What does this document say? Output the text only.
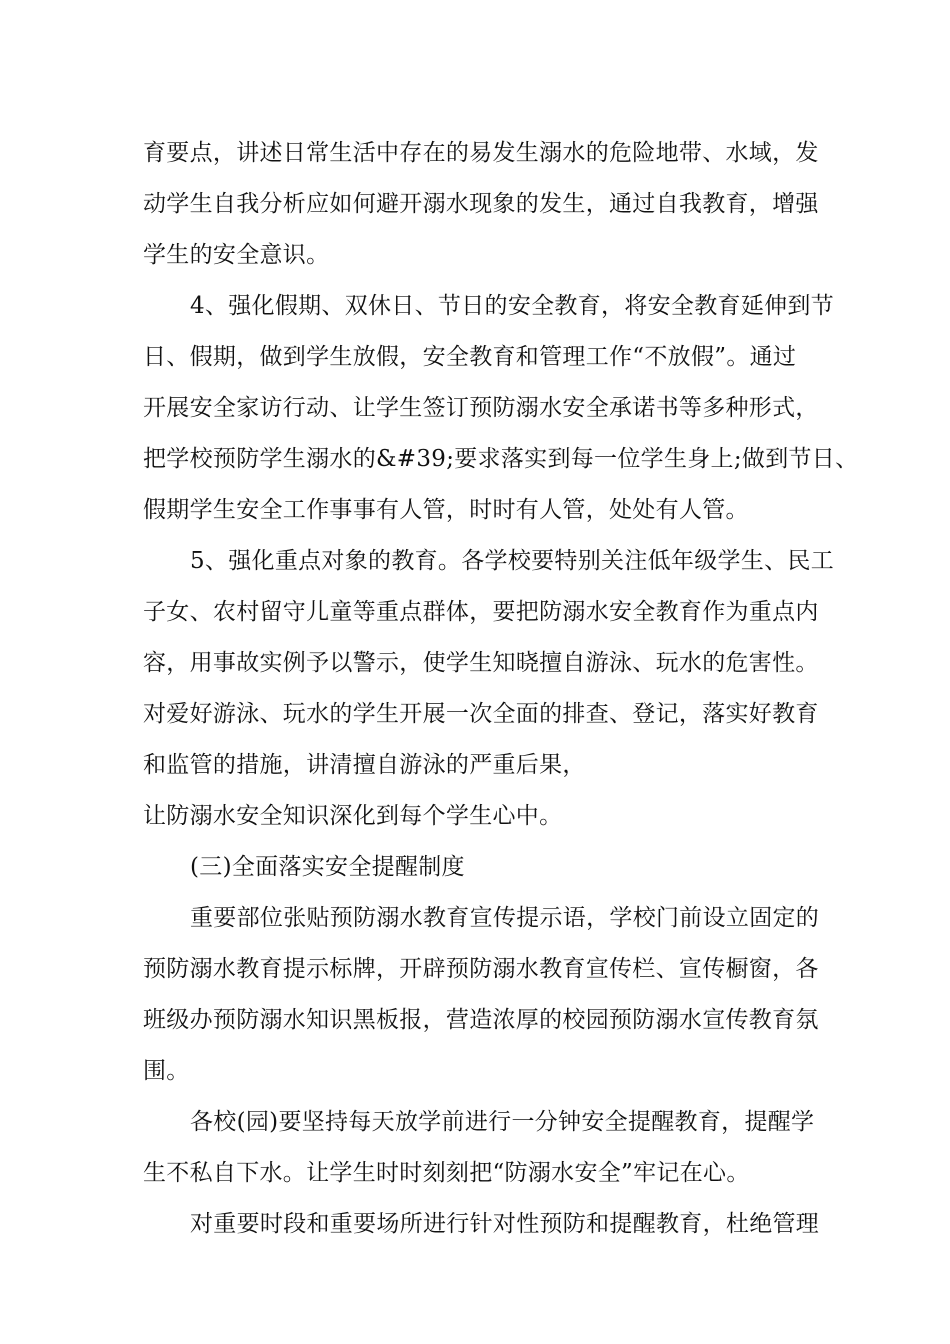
育要点，讲述日常生活中存在的易发生溺水的危险地带、水域，发
动学生自我分析应如何避开溺水现象的发生，通过自我教育，增强
学生的安全意识。
4、强化假期、双休日、节日的安全教育，将安全教育延伸到节
日、假期，做到学生放假，安全教育和管理工作“不放假”。通过
开展安全家访行动、让学生签订预防溺水安全承诺书等多种形式，
把学校预防学生溺水的&#39;要求落实到每一位学生身上;做到节日、
假期学生安全工作事事有人管，时时有人管，处处有人管。
5、强化重点对象的教育。各学校要特别关注低年级学生、民工
子女、农村留守儿童等重点群体，要把防溺水安全教育作为重点内
容，用事故实例予以警示，使学生知晓擅自游泳、玩水的危害性。
对爱好游泳、玩水的学生开展一次全面的排查、登记，落实好教育
和监管的措施，讲清擅自游泳的严重后果，
让防溺水安全知识深化到每个学生心中。
(三)全面落实安全提醒制度
重要部位张贴预防溺水教育宣传提示语，学校门前设立固定的
预防溺水教育提示标牌，开辟预防溺水教育宣传栏、宣传橱窗，各
班级办预防溺水知识黑板报，营造浓厚的校园预防溺水宣传教育氛
围。
各校(园)要坚持每天放学前进行一分钟安全提醒教育，提醒学
生不私自下水。让学生时时刻刻把“防溺水安全”牢记在心。
对重要时段和重要场所进行针对性预防和提醒教育，杜绝管理
